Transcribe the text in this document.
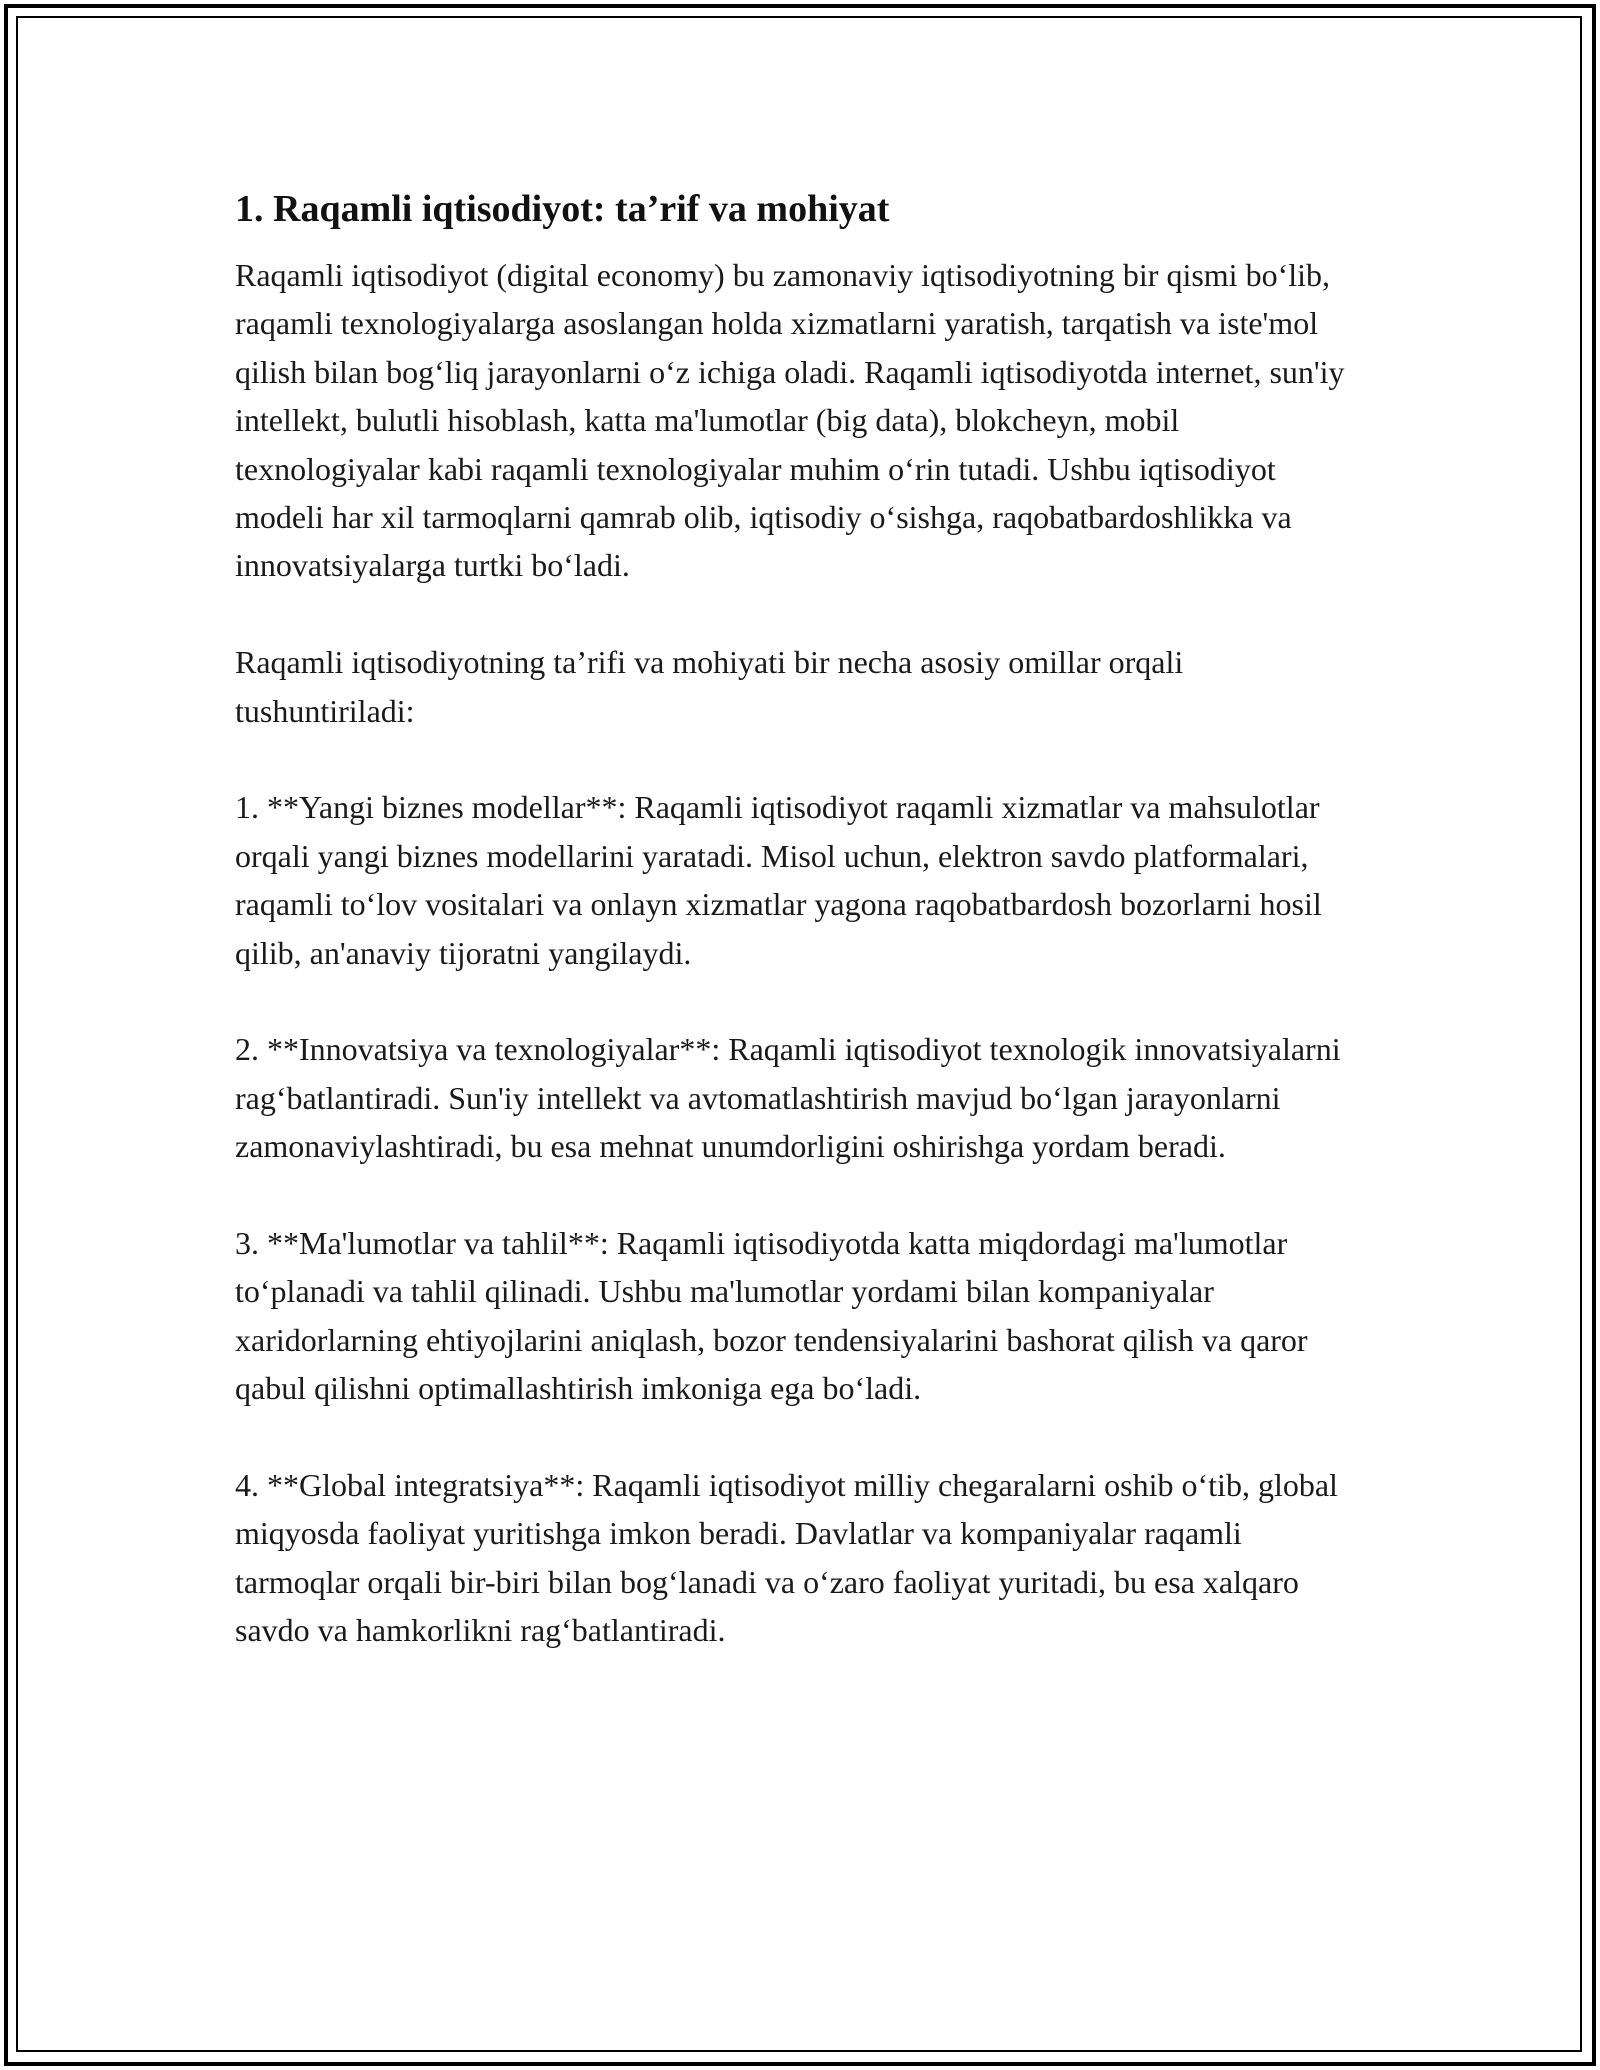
1. Raqamli iqtisodiyot: ta’rif va mohiyat

Raqamli iqtisodiyot (digital economy) bu zamonaviy iqtisodiyotning bir qismi bo‘lib, raqamli texnologiyalarga asoslangan holda xizmatlarni yaratish, tarqatish va iste'mol qilish bilan bog‘liq jarayonlarni o‘z ichiga oladi. Raqamli iqtisodiyotda internet, sun'iy intellekt, bulutli hisoblash, katta ma'lumotlar (big data), blokcheyn, mobil texnologiyalar kabi raqamli texnologiyalar muhim o‘rin tutadi. Ushbu iqtisodiyot modeli har xil tarmoqlarni qamrab olib, iqtisodiy o‘sishga, raqobatbardoshlikka va innovatsiyalarga turtki bo‘ladi.

Raqamli iqtisodiyotning ta’rifi va mohiyati bir necha asosiy omillar orqali tushuntiriladi:

1. **Yangi biznes modellar**: Raqamli iqtisodiyot raqamli xizmatlar va mahsulotlar orqali yangi biznes modellarini yaratadi. Misol uchun, elektron savdo platformalari, raqamli to‘lov vositalari va onlayn xizmatlar yagona raqobatbardosh bozorlarni hosil qilib, an'anaviy tijoratni yangilaydi.

2. **Innovatsiya va texnologiyalar**: Raqamli iqtisodiyot texnologik innovatsiyalarni rag‘batlantiradi. Sun'iy intellekt va avtomatlashtirish mavjud bo‘lgan jarayonlarni zamonaviylashtiradi, bu esa mehnat unumdorligini oshirishga yordam beradi.

3. **Ma'lumotlar va tahlil**: Raqamli iqtisodiyotda katta miqdordagi ma'lumotlar to‘planadi va tahlil qilinadi. Ushbu ma'lumotlar yordami bilan kompaniyalar xaridorlarning ehtiyojlarini aniqlash, bozor tendensiyalarini bashorat qilish va qaror qabul qilishni optimallashtirish imkoniga ega bo‘ladi.

4. **Global integratsiya**: Raqamli iqtisodiyot milliy chegaralarni oshib o‘tib, global miqyosda faoliyat yuritishga imkon beradi. Davlatlar va kompaniyalar raqamli tarmoqlar orqali bir-biri bilan bog‘lanadi va o‘zaro faoliyat yuritadi, bu esa xalqaro savdo va hamkorlikni rag‘batlantiradi.
